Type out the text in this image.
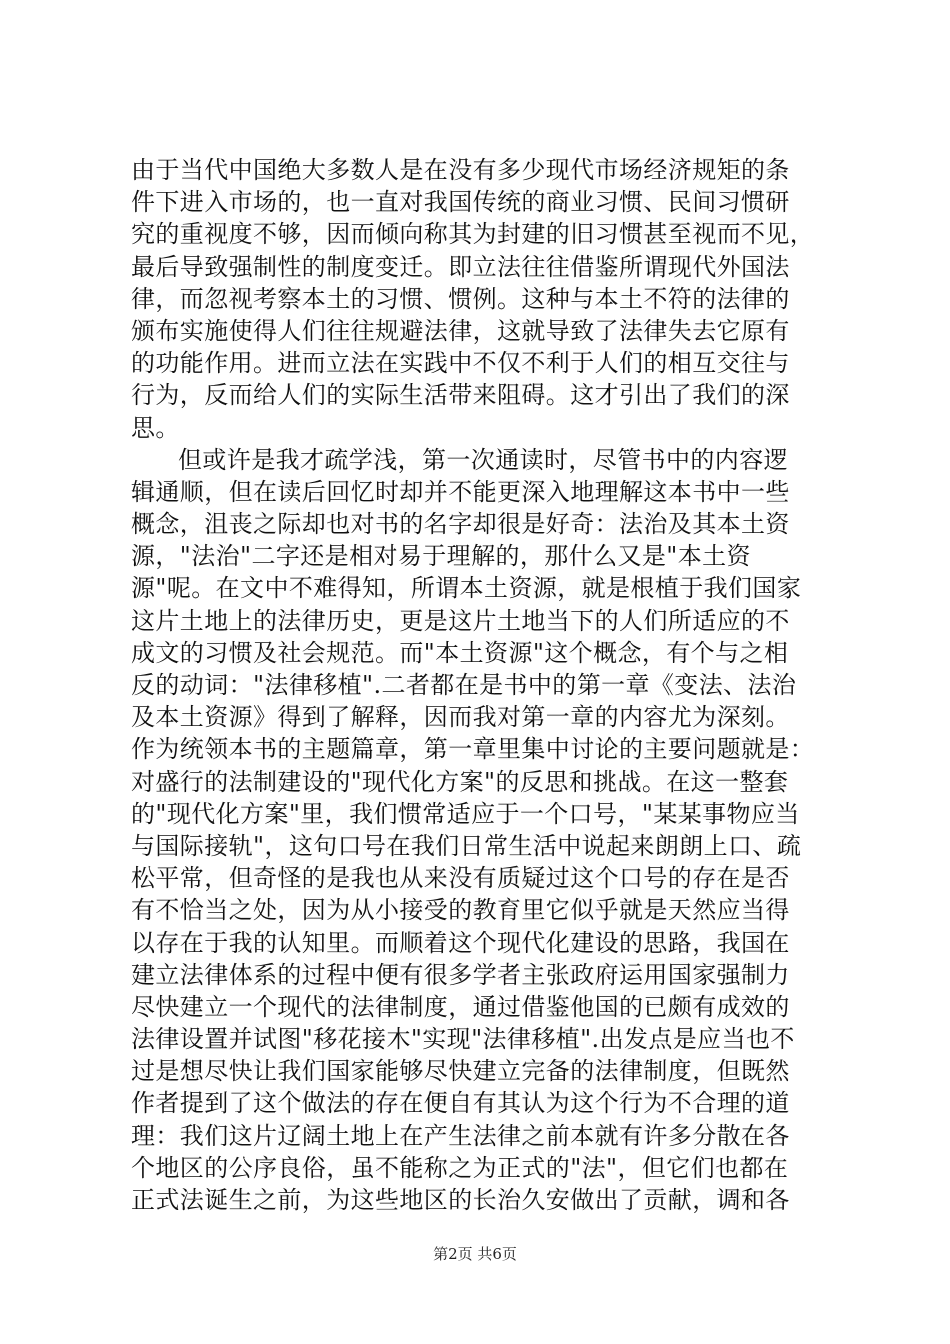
由于当代中国绝大多数人是在没有多少现代市场经济规矩的条
件下进入市场的，也一直对我国传统的商业习惯、民间习惯研
究的重视度不够，因而倾向称其为封建的旧习惯甚至视而不见，
最后导致强制性的制度变迁。即立法往往借鉴所谓现代外国法
律，而忽视考察本土的习惯、惯例。这种与本土不符的法律的
颁布实施使得人们往往规避法律，这就导致了法律失去它原有
的功能作用。进而立法在实践中不仅不利于人们的相互交往与
行为，反而给人们的实际生活带来阻碍。这才引出了我们的深
思。
但或许是我才疏学浅，第一次通读时，尽管书中的内容逻
辑通顺，但在读后回忆时却并不能更深入地理解这本书中一些
概念，沮丧之际却也对书的名字却很是好奇：法治及其本土资
源，"法治"二字还是相对易于理解的，那什么又是"本土资
源"呢。在文中不难得知，所谓本土资源，就是根植于我们国家
这片土地上的法律历史，更是这片土地当下的人们所适应的不
成文的习惯及社会规范。而"本土资源"这个概念，有个与之相
反的动词："法律移植".二者都在是书中的第一章《变法、法治
及本土资源》得到了解释，因而我对第一章的内容尤为深刻。
作为统领本书的主题篇章，第一章里集中讨论的主要问题就是：
对盛行的法制建设的"现代化方案"的反思和挑战。在这一整套
的"现代化方案"里，我们惯常适应于一个口号，"某某事物应当
与国际接轨"，这句口号在我们日常生活中说起来朗朗上口、疏
松平常，但奇怪的是我也从来没有质疑过这个口号的存在是否
有不恰当之处，因为从小接受的教育里它似乎就是天然应当得
以存在于我的认知里。而顺着这个现代化建设的思路，我国在
建立法律体系的过程中便有很多学者主张政府运用国家强制力
尽快建立一个现代的法律制度，通过借鉴他国的已颇有成效的
法律设置并试图"移花接木"实现"法律移植".出发点是应当也不
过是想尽快让我们国家能够尽快建立完备的法律制度，但既然
作者提到了这个做法的存在便自有其认为这个行为不合理的道
理：我们这片辽阔土地上在产生法律之前本就有许多分散在各
个地区的公序良俗，虽不能称之为正式的"法"，但它们也都在
正式法诞生之前，为这些地区的长治久安做出了贡献，调和各
第2页 共6页
